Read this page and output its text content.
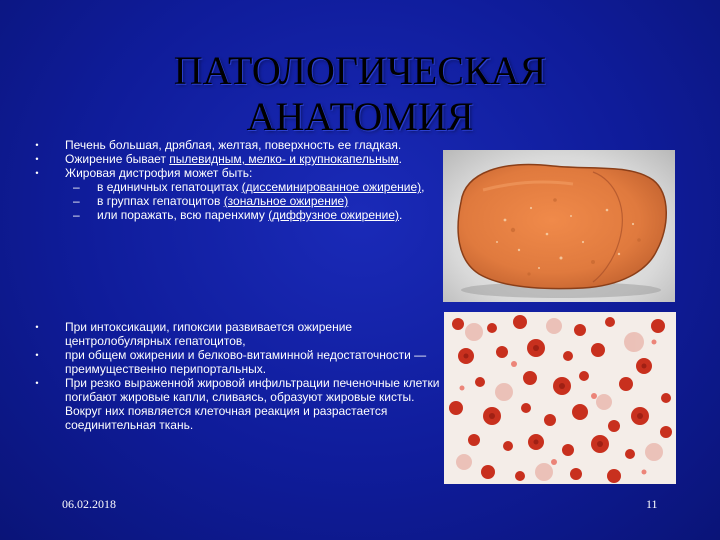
ПАТОЛОГИЧЕСКАЯ
АНАТОМИЯ
•	Печень большая, дряблая, желтая, поверхность ее гладкая.
•	Ожирение бывает пылевидным, мелко- и крупнокапельным.
•	Жировая дистрофия может быть:
– в единичных гепатоцитах (диссеминированное ожирение),
– в группах гепатоцитов (зональное ожирение)
– или поражать, всю паренхиму (диффузное ожирение).
•	При интоксикации, гипоксии развивается ожирение центролобулярных гепатоцитов,
•	при общем ожирении и белково-витаминной недостаточности — преимущественно перипортальных.
•	При резко выраженной жировой инфильтрации печеночные клетки погибают жировые капли, сливаясь, образуют жировые кисты. Вокруг них появляется клеточная реакция и разрастается соединительная ткань.
06.02.2018	11
